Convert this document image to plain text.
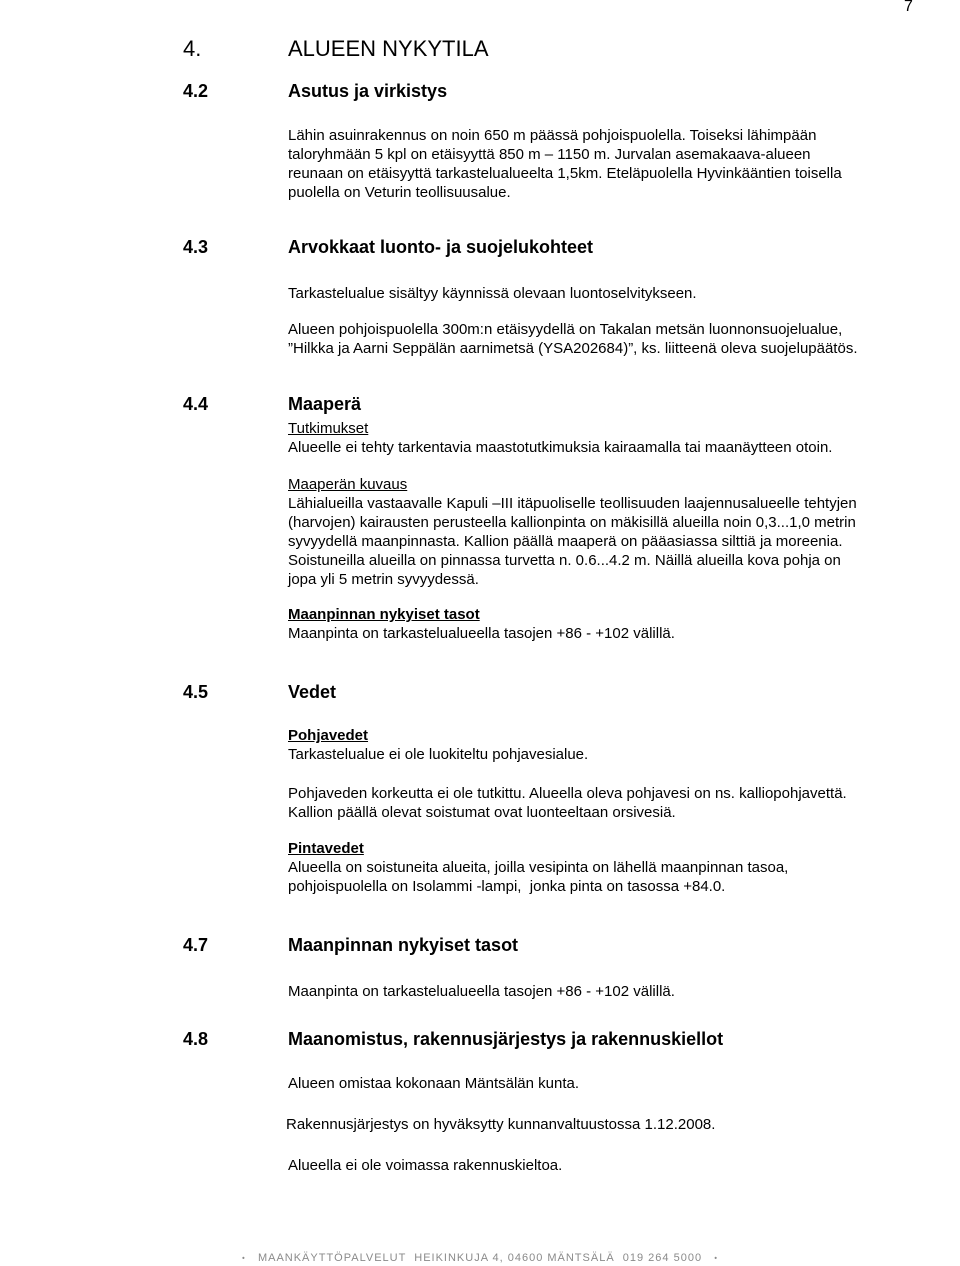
7
4.	ALUEEN NYKYTILA
4.2	Asutus ja virkistys
Lähin asuinrakennus on noin 650 m päässä pohjoispuolella. Toiseksi lähimpään
taloryhmään 5 kpl on etäisyyttä 850 m – 1150 m. Jurvalan asemakaava-alueen
reunaan on etäisyyttä tarkastelualueelta 1,5km. Eteläpuolella Hyvinkääntien toisella
puolella on Veturin teollisuusalue.
4.3	Arvokkaat luonto- ja suojelukohteet
Tarkastelualue sisältyy käynnissä olevaan luontoselvitykseen.
Alueen pohjoispuolella 300m:n etäisyydellä on Takalan metsän luonnonsuojelualue,
”Hilkka ja Aarni Seppälän aarnimetsä (YSA202684)”, ks. liitteenä oleva suojelupäätös.
4.4	Maaperä
Tutkimukset
Alueelle ei tehty tarkentavia maastotutkimuksia kairaamalla tai maanäytteen otoin.
Maaperän kuvaus
Lähialueilla vastaavalle Kapuli –III itäpuoliselle teollisuuden laajennusalueelle tehtyjen
(harvojen) kairausten perusteella kallionpinta on mäkisillä alueilla noin 0,3...1,0 metrin
syvyydellä maanpinnasta. Kallion päällä maaperä on pääasiassa silttiä ja moreenia.
Soistuneilla alueilla on pinnassa turvetta n. 0.6...4.2 m. Näillä alueilla kova pohja on
jopa yli 5 metrin syvyydessä.
Maanpinnan nykyiset tasot
Maanpinta on tarkastelualueella tasojen +86 - +102 välillä.
4.5	Vedet
Pohjavedet
Tarkastelualue ei ole luokiteltu pohjavesialue.
Pohjaveden korkeutta ei ole tutkittu. Alueella oleva pohjavesi on ns. kalliopohjavettä.
Kallion päällä olevat soistumat ovat luonteeltaan orsivesiä.
Pintavedet
Alueella on soistuneita alueita, joilla vesipinta on lähellä maanpinnan tasoa,
pohjoispuolella on Isolammi -lampi,  jonka pinta on tasossa +84.0.
4.7	Maanpinnan nykyiset tasot
Maanpinta on tarkastelualueella tasojen +86 - +102 välillä.
4.8	Maanomistus, rakennusjärjestys ja rakennuskiellot
Alueen omistaa kokonaan Mäntsälän kunta.
Rakennusjärjestys on hyväksytty kunnanvaltuustossa 1.12.2008.
Alueella ei ole voimassa rakennuskieltoa.
• MAANKÄYTTÖPALVELUT  HEIKINKUJA 4, 04600 MÄNTSÄLÄ  019 264 5000 •
